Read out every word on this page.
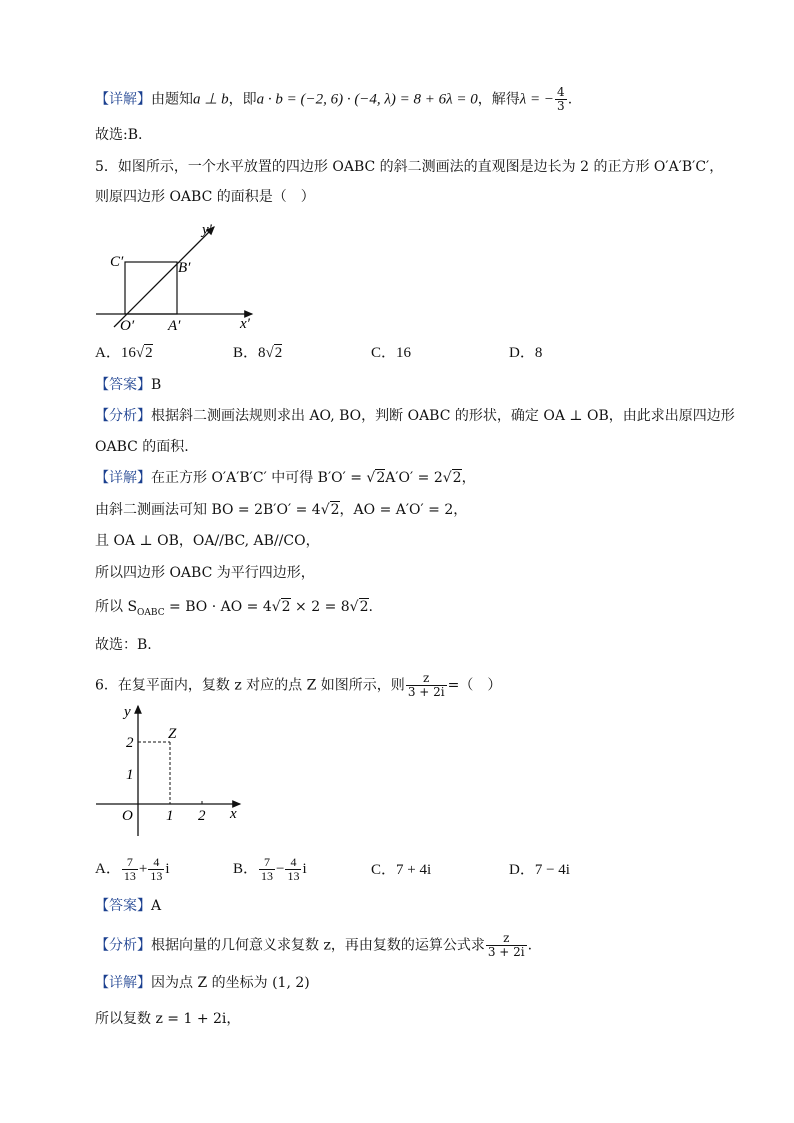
【详解】由题知a ⊥ b，即a · b = (−2, 6) · (−4, λ) = 8 + 6λ = 0，解得λ = − $\frac{4}{3}$ .
故选:B.
5．如图所示，一个水平放置的四边形 OABC 的斜二测画法的直观图是边长为 2 的正方形 O′A′B′C′，
则原四边形 OABC 的面积是（　）
y′
x′
O′ A′
B′
C′
A．16√2	B．8√2	C．16	D．8
【答案】B
【分析】根据斜二测画法规则求出 AO, BO，判断 OABC 的形状，确定 OA ⊥ OB，由此求出原四边形
OABC 的面积.
【详解】在正方形 O′A′B′C′ 中可得 B′O′ = √2A′O′ = 2√2，
由斜二测画法可知 BO = 2B′O′ = 4√2，AO = A′O′ = 2，
且 OA ⊥ OB，OA//BC, AB//CO，
所以四边形 OABC 为平行四边形，
所以 $S_{OABC}$ = BO · AO = 4√2 × 2 = 8√2.
故选：B.
6．在复平面内，复数 z 对应的点 Z 如图所示，则 $\frac{z}{3 + 2i}$ =（　）
y
x
O
Z
1 2
1
2
A． $\frac{7}{13} + \frac{4}{13}$ i	B． $\frac{7}{13} - \frac{4}{13}$ i	C．7 + 4i	D．7 − 4i
【答案】A
【分析】根据向量的几何意义求复数 z，再由复数的运算公式求 $\frac{z}{3 + 2i}$ .
【详解】因为点 Z 的坐标为 (1, 2)
所以复数 z = 1 + 2i，
